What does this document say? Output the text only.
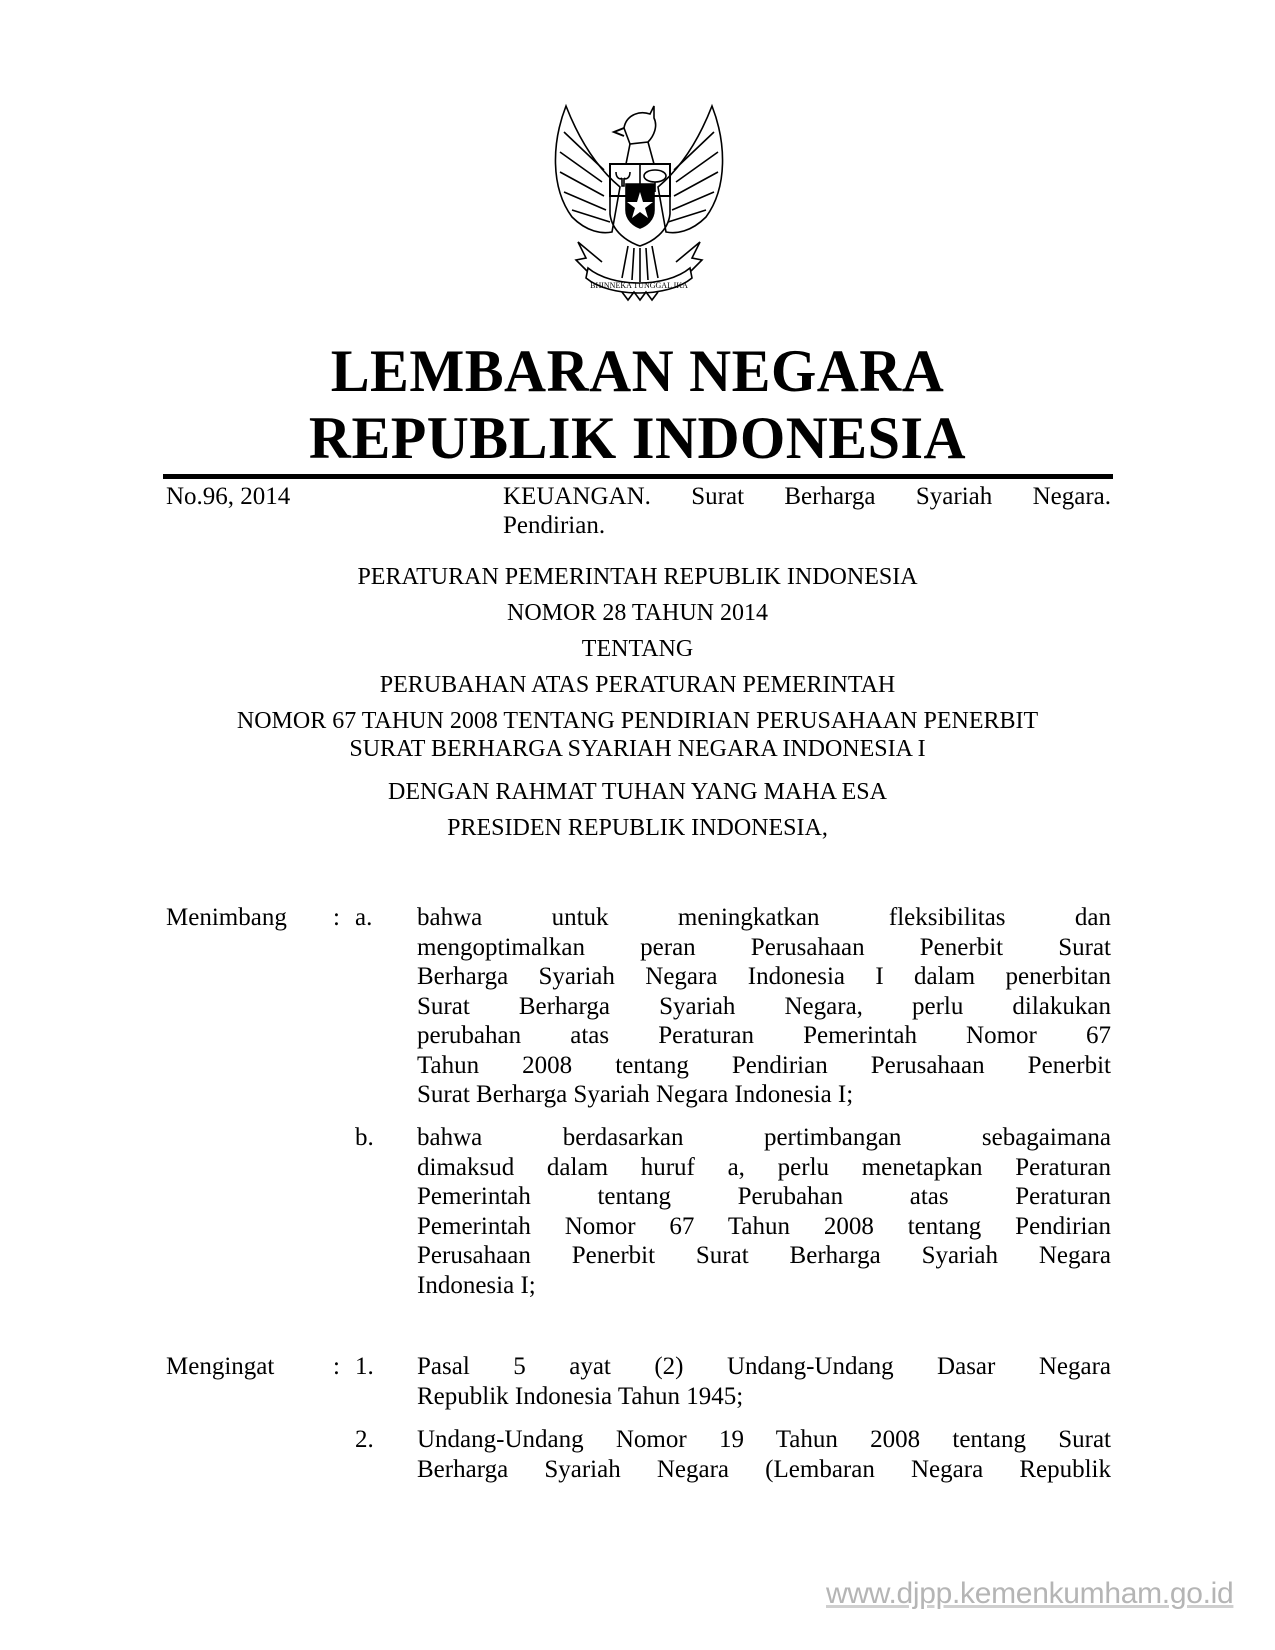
BHINNEKA TUNGGAL IKA
LEMBARAN NEGARA
REPUBLIK INDONESIA
No.96, 2014	KEUANGAN. Surat Berharga Syariah Negara.
Pendirian.
PERATURAN PEMERINTAH REPUBLIK INDONESIA
NOMOR 28 TAHUN 2014
TENTANG
PERUBAHAN ATAS PERATURAN PEMERINTAH
NOMOR 67 TAHUN 2008 TENTANG PENDIRIAN PERUSAHAAN PENERBIT
SURAT BERHARGA SYARIAH NEGARA INDONESIA I
DENGAN RAHMAT TUHAN YANG MAHA ESA
PRESIDEN REPUBLIK INDONESIA,
Menimbang : a. bahwa untuk meningkatkan fleksibilitas dan
mengoptimalkan peran Perusahaan Penerbit Surat
Berharga Syariah Negara Indonesia I dalam penerbitan
Surat Berharga Syariah Negara, perlu dilakukan
perubahan atas Peraturan Pemerintah Nomor 67
Tahun 2008 tentang Pendirian Perusahaan Penerbit
Surat Berharga Syariah Negara Indonesia I;
b. bahwa berdasarkan pertimbangan sebagaimana
dimaksud dalam huruf a, perlu menetapkan Peraturan
Pemerintah tentang Perubahan atas Peraturan
Pemerintah Nomor 67 Tahun 2008 tentang Pendirian
Perusahaan Penerbit Surat Berharga Syariah Negara
Indonesia I;
Mengingat : 1. Pasal 5 ayat (2) Undang-Undang Dasar Negara
Republik Indonesia Tahun 1945;
2. Undang-Undang Nomor 19 Tahun 2008 tentang Surat
Berharga Syariah Negara (Lembaran Negara Republik
www.djpp.kemenkumham.go.id
